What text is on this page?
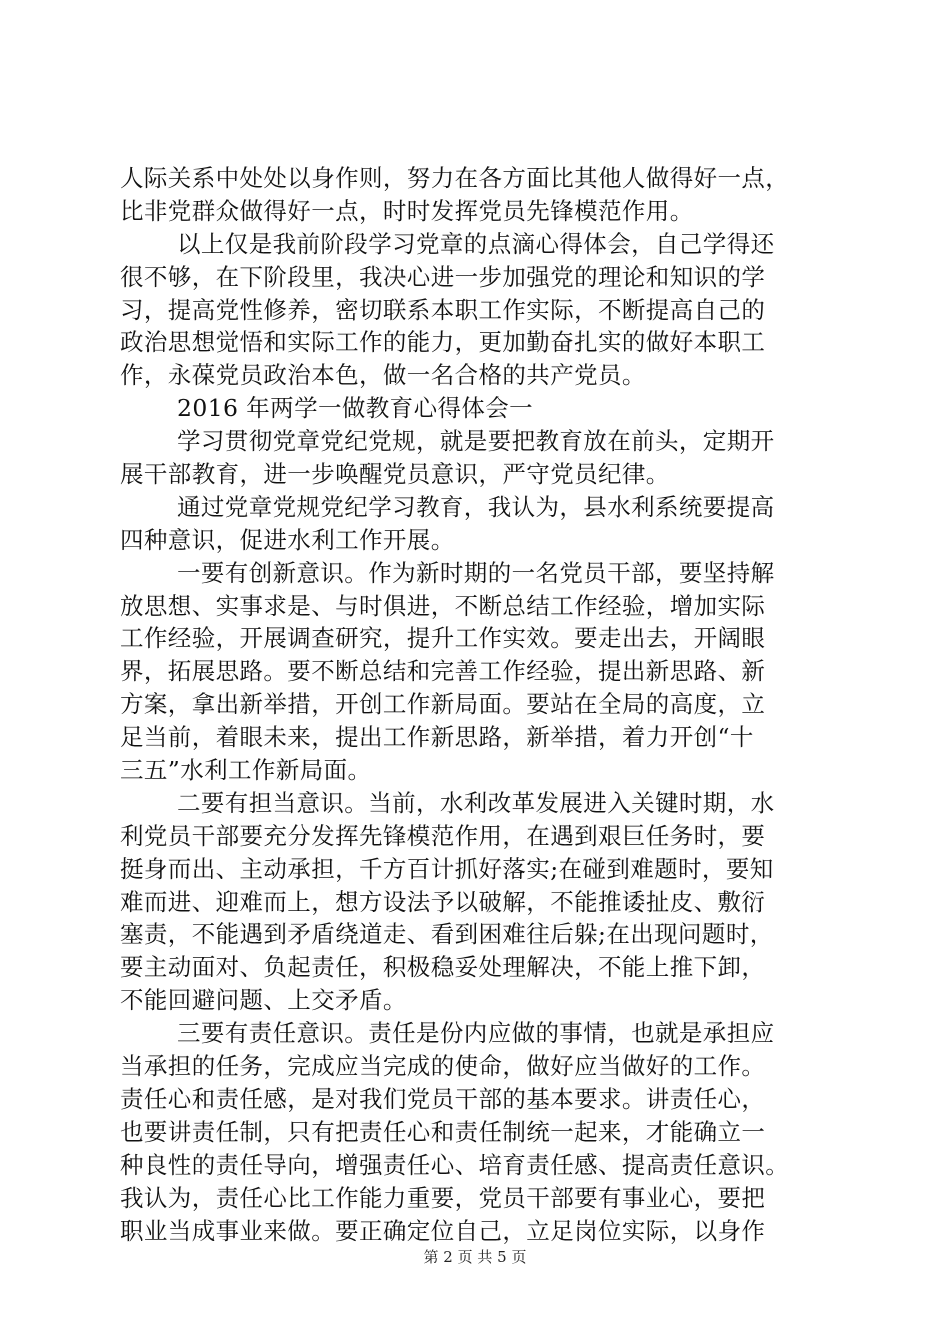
人际关系中处处以身作则，努力在各方面比其他人做得好一点，
比非党群众做得好一点，时时发挥党员先锋模范作用。
以上仅是我前阶段学习党章的点滴心得体会，自己学得还
很不够，在下阶段里，我决心进一步加强党的理论和知识的学
习，提高党性修养，密切联系本职工作实际，不断提高自己的
政治思想觉悟和实际工作的能力，更加勤奋扎实的做好本职工
作，永葆党员政治本色，做一名合格的共产党员。
2016 年两学一做教育心得体会一
学习贯彻党章党纪党规，就是要把教育放在前头，定期开
展干部教育，进一步唤醒党员意识，严守党员纪律。
通过党章党规党纪学习教育，我认为，县水利系统要提高
四种意识，促进水利工作开展。
一要有创新意识。作为新时期的一名党员干部，要坚持解
放思想、实事求是、与时俱进，不断总结工作经验，增加实际
工作经验，开展调查研究，提升工作实效。要走出去，开阔眼
界，拓展思路。要不断总结和完善工作经验，提出新思路、新
方案，拿出新举措，开创工作新局面。要站在全局的高度，立
足当前，着眼未来，提出工作新思路，新举措，着力开创“十
三五”水利工作新局面。
二要有担当意识。当前，水利改革发展进入关键时期，水
利党员干部要充分发挥先锋模范作用，在遇到艰巨任务时，要
挺身而出、主动承担，千方百计抓好落实;在碰到难题时，要知
难而进、迎难而上，想方设法予以破解，不能推诿扯皮、敷衍
塞责，不能遇到矛盾绕道走、看到困难往后躲;在出现问题时，
要主动面对、负起责任，积极稳妥处理解决，不能上推下卸，
不能回避问题、上交矛盾。
三要有责任意识。责任是份内应做的事情，也就是承担应
当承担的任务，完成应当完成的使命，做好应当做好的工作。
责任心和责任感，是对我们党员干部的基本要求。讲责任心，
也要讲责任制，只有把责任心和责任制统一起来，才能确立一
种良性的责任导向，增强责任心、培育责任感、提高责任意识。
我认为，责任心比工作能力重要，党员干部要有事业心，要把
职业当成事业来做。要正确定位自己，立足岗位实际，以身作
第 2 页 共 5 页
